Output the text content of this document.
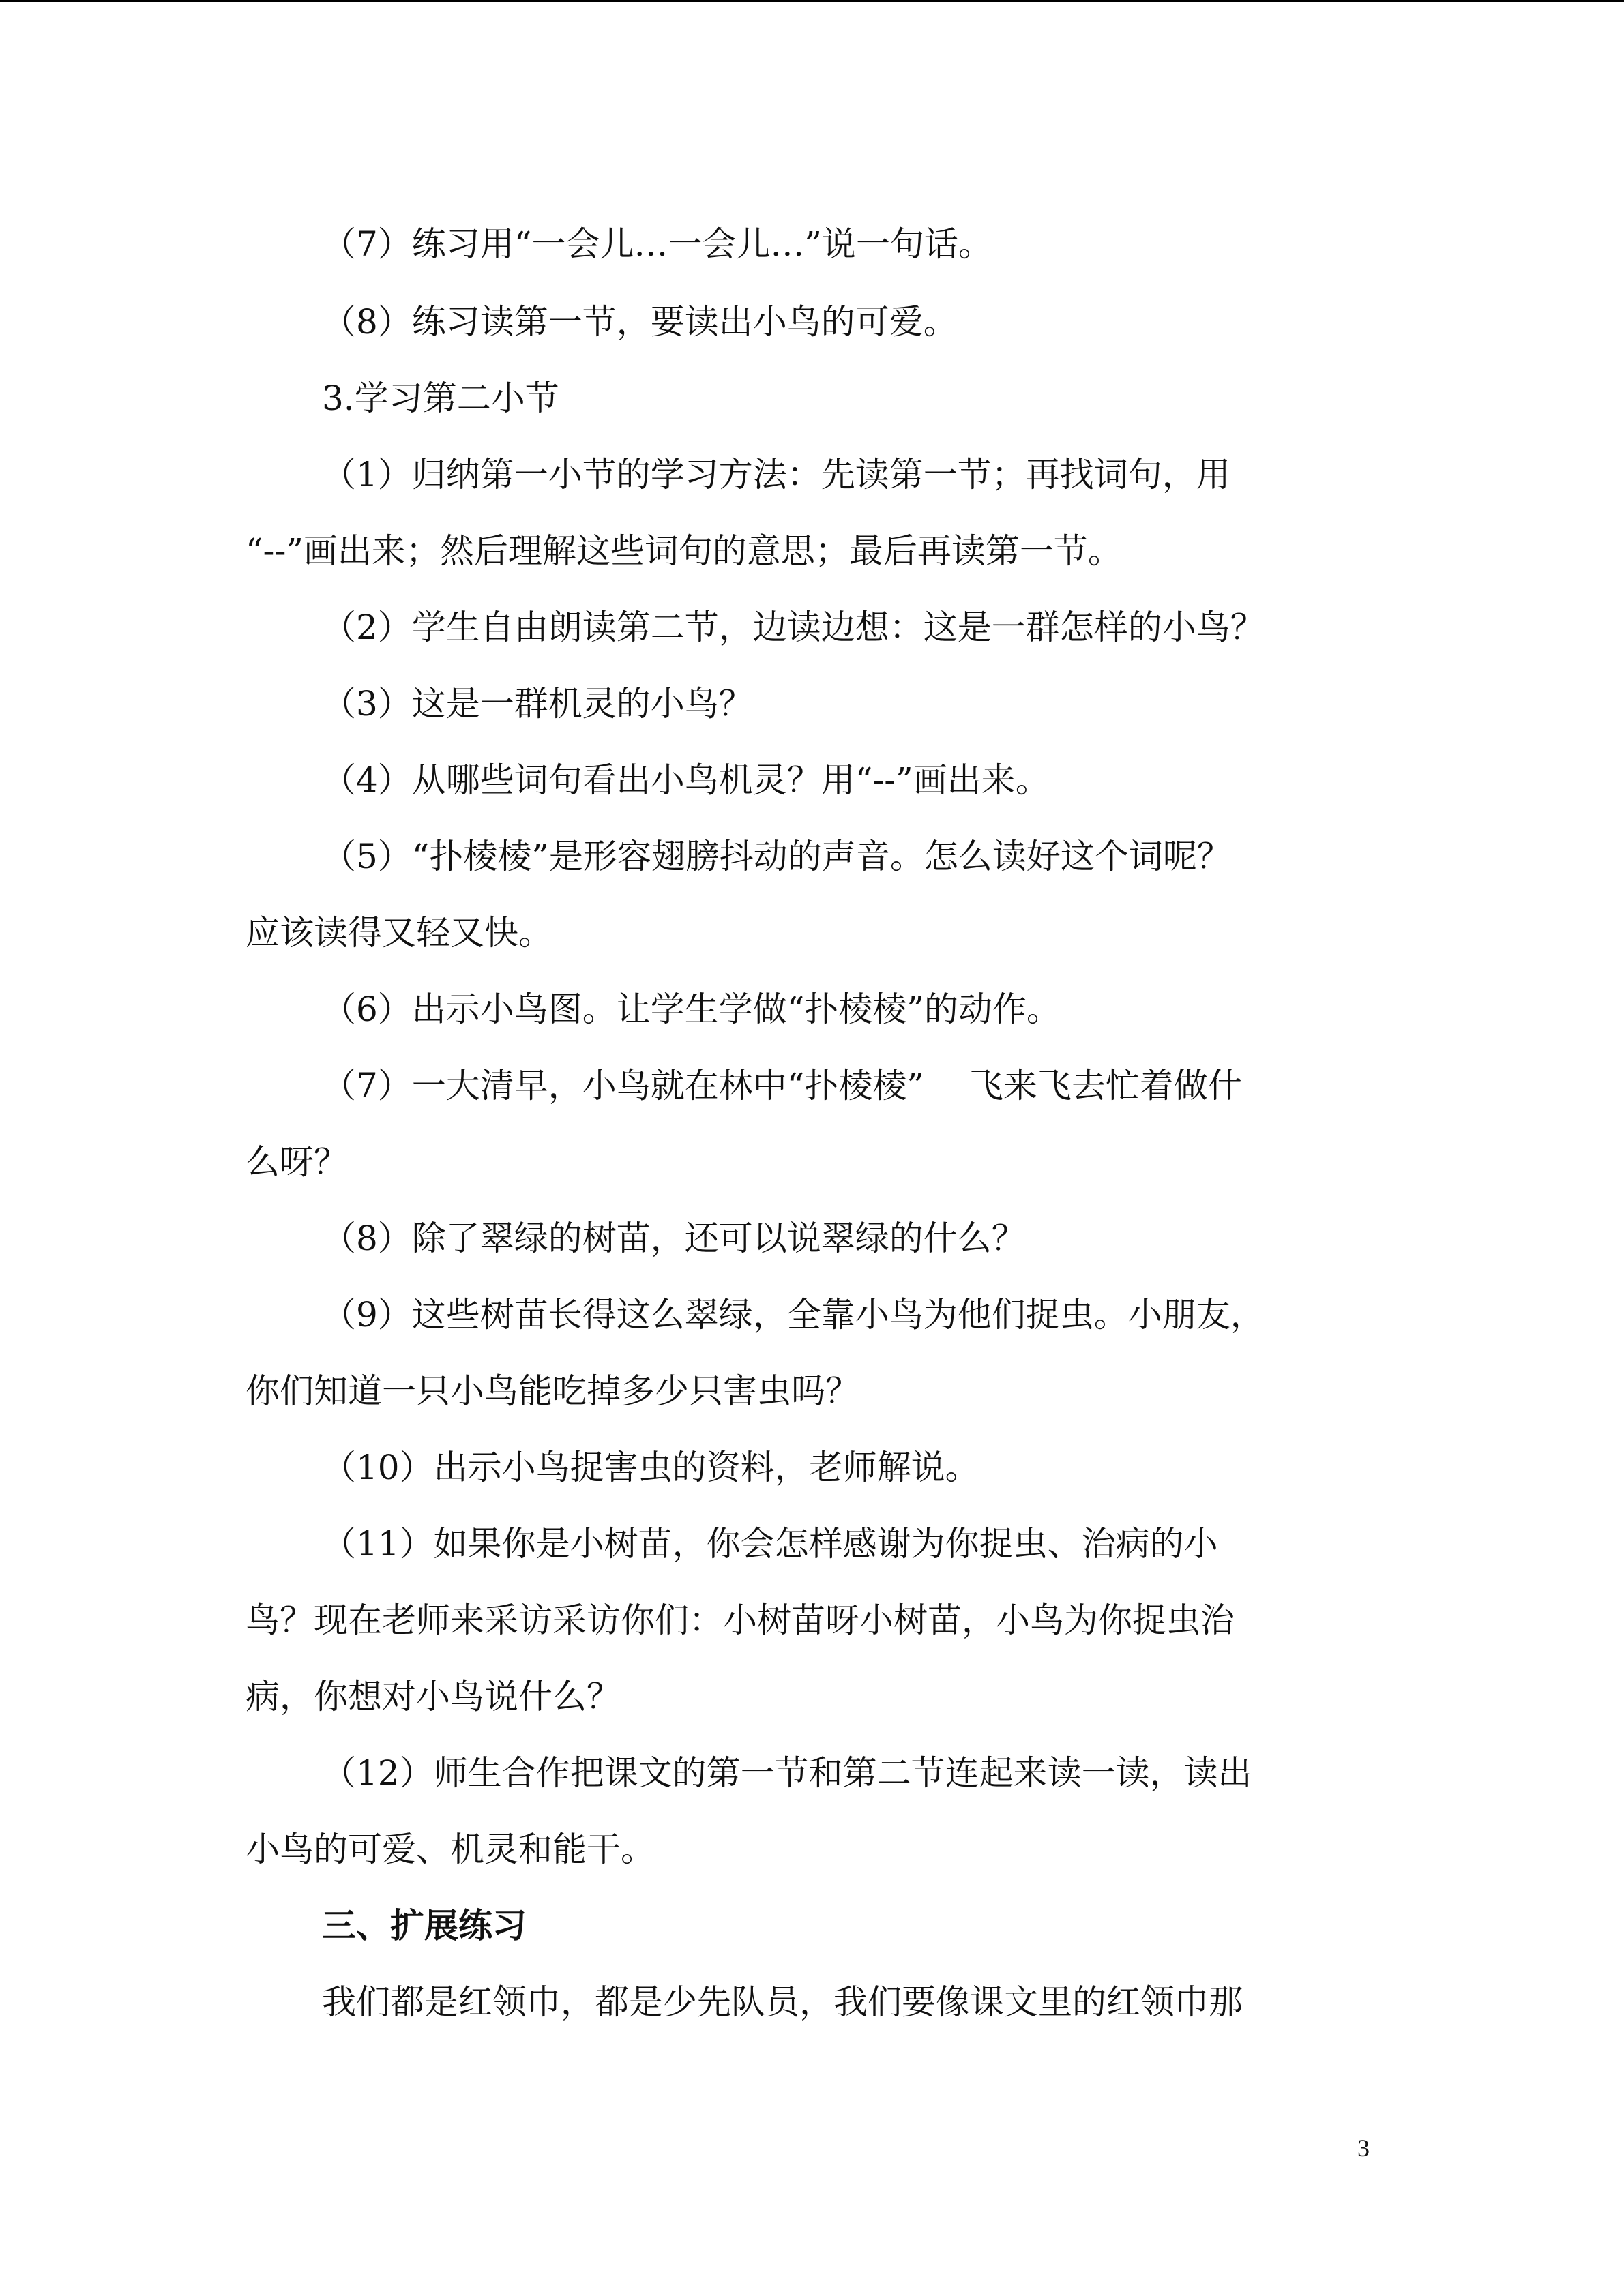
（7）练习用“一会儿…一会儿…”说一句话。
（8）练习读第一节，要读出小鸟的可爱。
3.学习第二小节
（1）归纳第一小节的学习方法：先读第一节；再找词句，用
“--”画出来；然后理解这些词句的意思；最后再读第一节。
（2）学生自由朗读第二节，边读边想：这是一群怎样的小鸟？
（3）这是一群机灵的小鸟？
（4）从哪些词句看出小鸟机灵？用“--”画出来。
（5）“扑棱棱”是形容翅膀抖动的声音。怎么读好这个词呢？
应该读得又轻又快。
（6）出示小鸟图。让学生学做“扑棱棱”的动作。
（7）一大清早，小鸟就在林中“扑棱棱”　 飞来飞去忙着做什
么呀？
（8）除了翠绿的树苗，还可以说翠绿的什么？
（9）这些树苗长得这么翠绿，全靠小鸟为他们捉虫。小朋友，
你们知道一只小鸟能吃掉多少只害虫吗？
（10）出示小鸟捉害虫的资料，老师解说。
（11）如果你是小树苗，你会怎样感谢为你捉虫、治病的小
鸟？现在老师来采访采访你们：小树苗呀小树苗，小鸟为你捉虫治
病，你想对小鸟说什么？
（12）师生合作把课文的第一节和第二节连起来读一读，读出
小鸟的可爱、机灵和能干。
三、扩展练习
我们都是红领巾，都是少先队员，我们要像课文里的红领巾那
3
